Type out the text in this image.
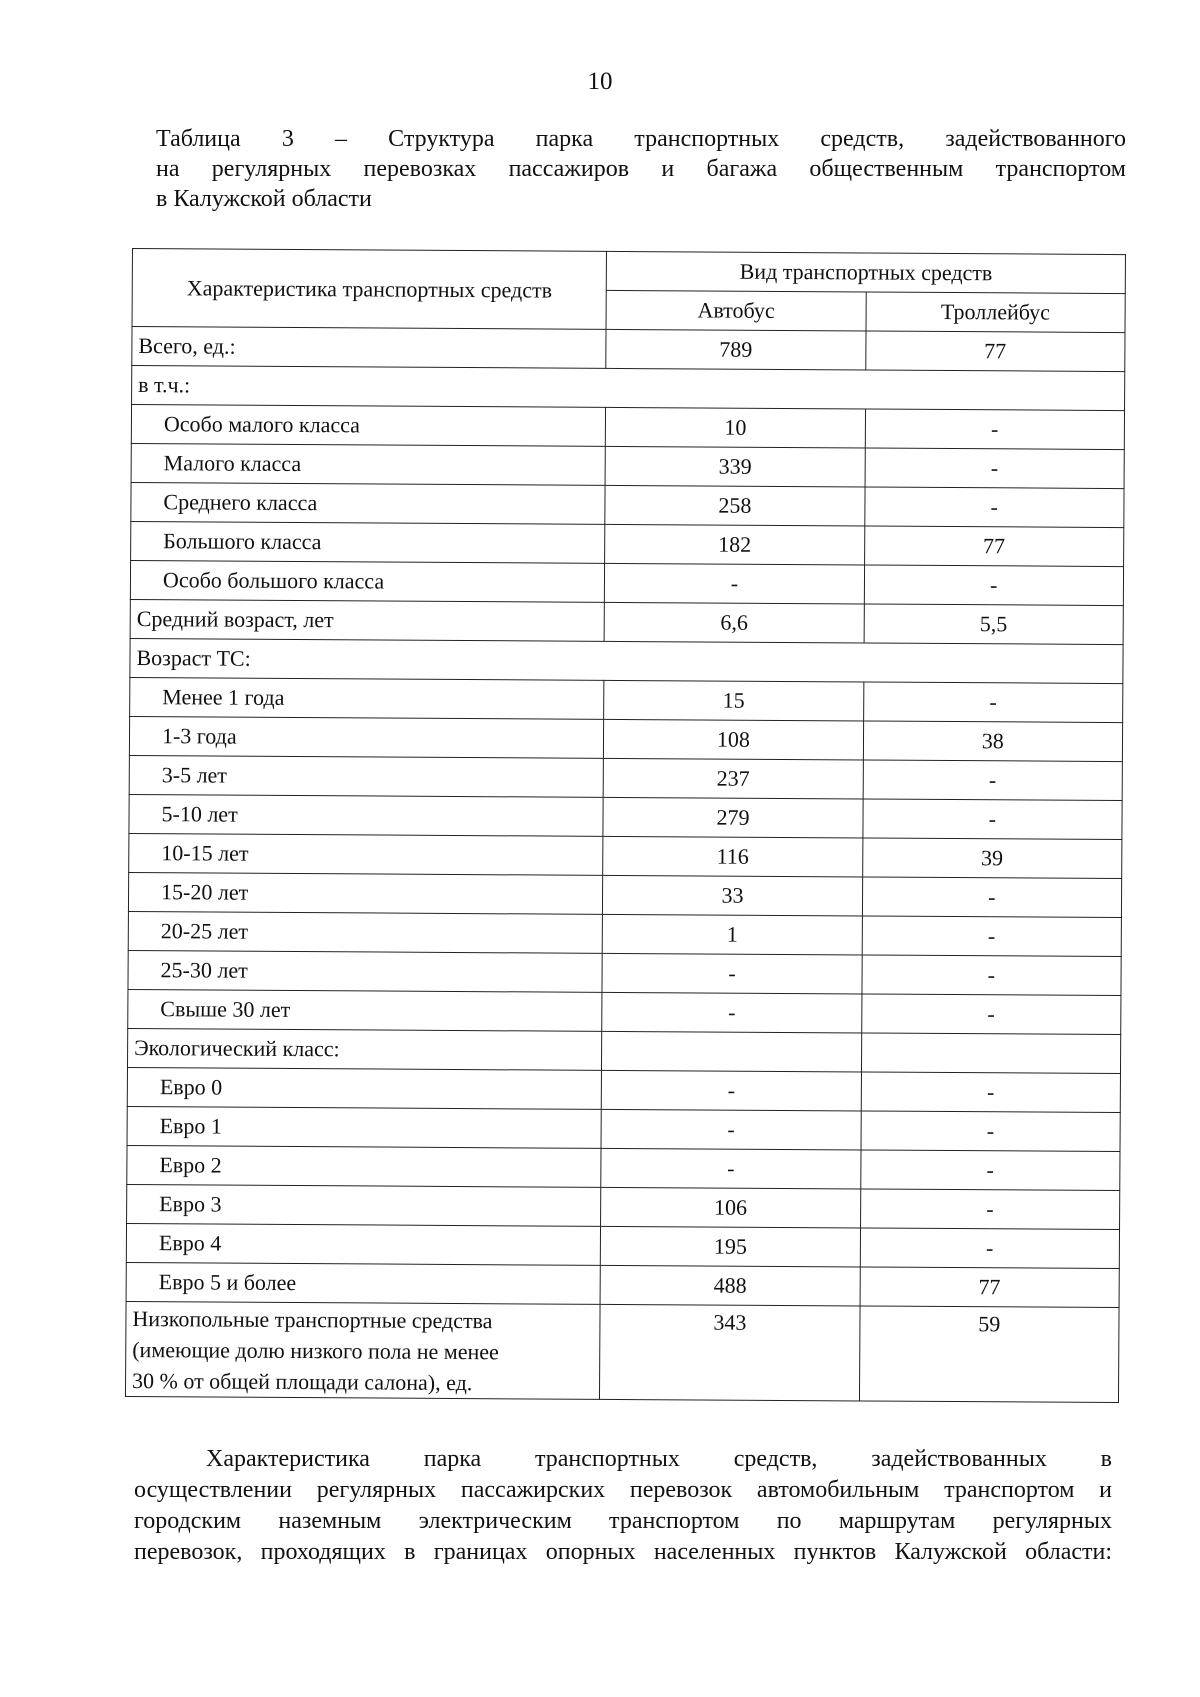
10
Таблица 3 – Структура парка транспортных средств, задействованного
на регулярных перевозках пассажиров и багажа общественным транспортом
в Калужской области
Характеристика транспортных средств	Вид транспортных средств	
	Автобус	Троллейбус
Всего, ед.:	789	77
в т.ч.:		
Особо малого класса	10	-
Малого класса	339	-
Среднего класса	258	-
Большого класса	182	77
Особо большого класса	-	-
Средний возраст, лет	6,6	5,5
Возраст ТС:		
Менее 1 года	15	-
1-3 года	108	38
3-5 лет	237	-
5-10 лет	279	-
10-15 лет	116	39
15-20 лет	33	-
20-25 лет	1	-
25-30 лет	-	-
Свыше 30 лет	-	-
Экологический класс:		
Евро 0	-	-
Евро 1	-	-
Евро 2	-	-
Евро 3	106	-
Евро 4	195	-
Евро 5 и более	488	77

Низкопольные транспортные средства
(имеющие долю низкого пола не менее
30 % от общей площади салона), ед.	343	59
Характеристика парка транспортных средств, задействованных в
осуществлении регулярных пассажирских перевозок автомобильным транспортом и
городским наземным электрическим транспортом по маршрутам регулярных
перевозок, проходящих в границах опорных населенных пунктов Калужской области:
